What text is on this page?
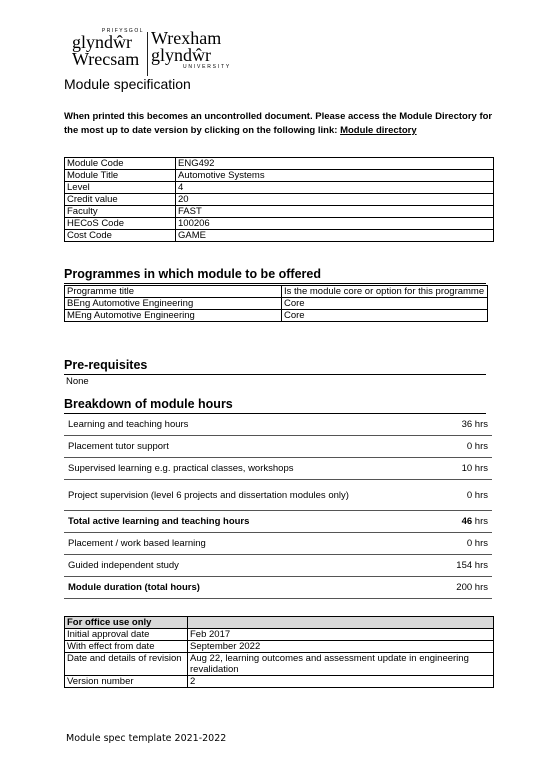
PRIFYSGOL
glyndŵr
Wrecsam
Wrexham
glyndŵr
UNIVERSITY
Module specification
When printed this becomes an uncontrolled document. Please access the Module Directory for the most up to date version by clicking on the following link: Module directory
Module Code	ENG492
Module Title	Automotive Systems
Level	4
Credit value	20
Faculty	FAST
HECoS Code	100206
Cost Code	GAME
Programmes in which module to be offered
Programme title	Is the module core or option for this programme
BEng Automotive Engineering	Core
MEng Automotive Engineering	Core
Pre-requisites
None
Breakdown of module hours
Learning and teaching hours	36 hrs
Placement tutor support	0 hrs
Supervised learning e.g. practical classes, workshops	10 hrs
Project supervision (level 6 projects and dissertation modules only)	0 hrs
Total active learning and teaching hours	46 hrs
Placement / work based learning	0 hrs
Guided independent study	154 hrs
Module duration (total hours)	200 hrs
For office use only	
Initial approval date	Feb 2017
With effect from date	September 2022
Date and details of revision	Aug 22, learning outcomes and assessment update in engineering revalidation
Version number	2
Module spec template 2021-2022
